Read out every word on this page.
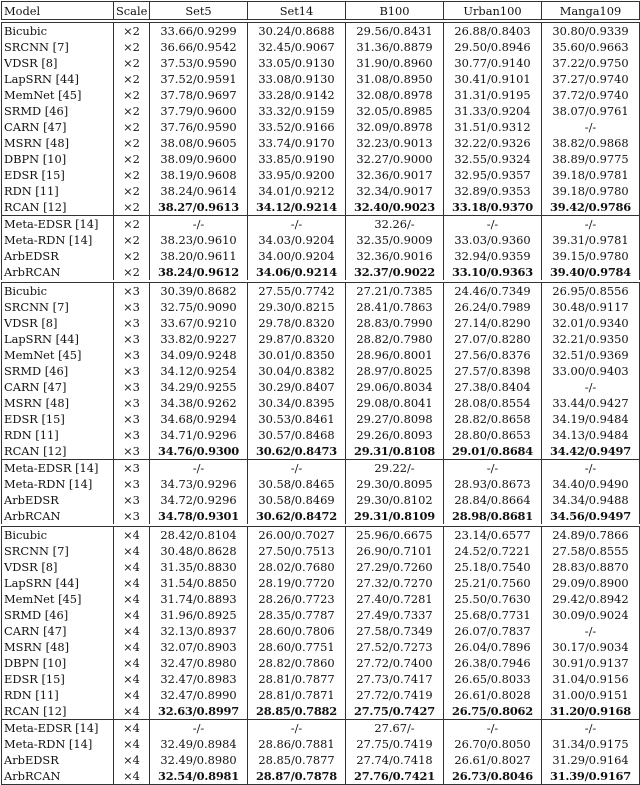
Model	Scale	Set5	Set14	B100	Urban100	Manga109

Bicubic	×2	33.66/0.9299	30.24/0.8688	29.56/0.8431	26.88/0.8403	30.80/0.9339
SRCNN [7]	×2	36.66/0.9542	32.45/0.9067	31.36/0.8879	29.50/0.8946	35.60/0.9663
VDSR [8]	×2	37.53/0.9590	33.05/0.9130	31.90/0.8960	30.77/0.9140	37.22/0.9750
LapSRN [44]	×2	37.52/0.9591	33.08/0.9130	31.08/0.8950	30.41/0.9101	37.27/0.9740
MemNet [45]	×2	37.78/0.9697	33.28/0.9142	32.08/0.8978	31.31/0.9195	37.72/0.9740
SRMD [46]	×2	37.79/0.9600	33.32/0.9159	32.05/0.8985	31.33/0.9204	38.07/0.9761
CARN [47]	×2	37.76/0.9590	33.52/0.9166	32.09/0.8978	31.51/0.9312	-/-
MSRN [48]	×2	38.08/0.9605	33.74/0.9170	32.23/0.9013	32.22/0.9326	38.82/0.9868
DBPN [10]	×2	38.09/0.9600	33.85/0.9190	32.27/0.9000	32.55/0.9324	38.89/0.9775
EDSR [15]	×2	38.19/0.9608	33.95/0.9200	32.36/0.9017	32.95/0.9357	39.18/0.9781
RDN [11]	×2	38.24/0.9614	34.01/0.9212	32.34/0.9017	32.89/0.9353	39.18/0.9780
RCAN [12]	×2	38.27/0.9613	34.12/0.9214	32.40/0.9023	33.18/0.9370	39.42/0.9786
Meta-EDSR [14]	×2	-/-	-/-	32.26/-	-/-	-/-
Meta-RDN [14]	×2	38.23/0.9610	34.03/0.9204	32.35/0.9009	33.03/0.9360	39.31/0.9781
ArbEDSR	×2	38.20/0.9611	34.00/0.9204	32.36/0.9016	32.94/0.9359	39.15/0.9780
ArbRCAN	×2	38.24/0.9612	34.06/0.9214	32.37/0.9022	33.10/0.9363	39.40/0.9784

Bicubic	×3	30.39/0.8682	27.55/0.7742	27.21/0.7385	24.46/0.7349	26.95/0.8556
SRCNN [7]	×3	32.75/0.9090	29.30/0.8215	28.41/0.7863	26.24/0.7989	30.48/0.9117
VDSR [8]	×3	33.67/0.9210	29.78/0.8320	28.83/0.7990	27.14/0.8290	32.01/0.9340
LapSRN [44]	×3	33.82/0.9227	29.87/0.8320	28.82/0.7980	27.07/0.8280	32.21/0.9350
MemNet [45]	×3	34.09/0.9248	30.01/0.8350	28.96/0.8001	27.56/0.8376	32.51/0.9369
SRMD [46]	×3	34.12/0.9254	30.04/0.8382	28.97/0.8025	27.57/0.8398	33.00/0.9403
CARN [47]	×3	34.29/0.9255	30.29/0.8407	29.06/0.8034	27.38/0.8404	-/-
MSRN [48]	×3	34.38/0.9262	30.34/0.8395	29.08/0.8041	28.08/0.8554	33.44/0.9427
EDSR [15]	×3	34.68/0.9294	30.53/0.8461	29.27/0.8098	28.82/0.8658	34.19/0.9484
RDN [11]	×3	34.71/0.9296	30.57/0.8468	29.26/0.8093	28.80/0.8653	34.13/0.9484
RCAN [12]	×3	34.76/0.9300	30.62/0.8473	29.31/0.8108	29.01/0.8684	34.42/0.9497
Meta-EDSR [14]	×3	-/-	-/-	29.22/-	-/-	-/-
Meta-RDN [14]	×3	34.73/0.9296	30.58/0.8465	29.30/0.8095	28.93/0.8673	34.40/0.9490
ArbEDSR	×3	34.72/0.9296	30.58/0.8469	29.30/0.8102	28.84/0.8664	34.34/0.9488
ArbRCAN	×3	34.78/0.9301	30.62/0.8472	29.31/0.8109	28.98/0.8681	34.56/0.9497

Bicubic	×4	28.42/0.8104	26.00/0.7027	25.96/0.6675	23.14/0.6577	24.89/0.7866
SRCNN [7]	×4	30.48/0.8628	27.50/0.7513	26.90/0.7101	24.52/0.7221	27.58/0.8555
VDSR [8]	×4	31.35/0.8830	28.02/0.7680	27.29/0.7260	25.18/0.7540	28.83/0.8870
LapSRN [44]	×4	31.54/0.8850	28.19/0.7720	27.32/0.7270	25.21/0.7560	29.09/0.8900
MemNet [45]	×4	31.74/0.8893	28.26/0.7723	27.40/0.7281	25.50/0.7630	29.42/0.8942
SRMD [46]	×4	31.96/0.8925	28.35/0.7787	27.49/0.7337	25.68/0.7731	30.09/0.9024
CARN [47]	×4	32.13/0.8937	28.60/0.7806	27.58/0.7349	26.07/0.7837	-/-
MSRN [48]	×4	32.07/0.8903	28.60/0.7751	27.52/0.7273	26.04/0.7896	30.17/0.9034
DBPN [10]	×4	32.47/0.8980	28.82/0.7860	27.72/0.7400	26.38/0.7946	30.91/0.9137
EDSR [15]	×4	32.47/0.8983	28.81/0.7877	27.73/0.7417	26.65/0.8033	31.04/0.9156
RDN [11]	×4	32.47/0.8990	28.81/0.7871	27.72/0.7419	26.61/0.8028	31.00/0.9151
RCAN [12]	×4	32.63/0.8997	28.85/0.7882	27.75/0.7427	26.75/0.8062	31.20/0.9168
Meta-EDSR [14]	×4	-/-	-/-	27.67/-	-/-	-/-
Meta-RDN [14]	×4	32.49/0.8984	28.86/0.7881	27.75/0.7419	26.70/0.8050	31.34/0.9175
ArbEDSR	×4	32.49/0.8980	28.85/0.7877	27.74/0.7418	26.61/0.8027	31.29/0.9164
ArbRCAN	×4	32.54/0.8981	28.87/0.7878	27.76/0.7421	26.73/0.8046	31.39/0.9167
